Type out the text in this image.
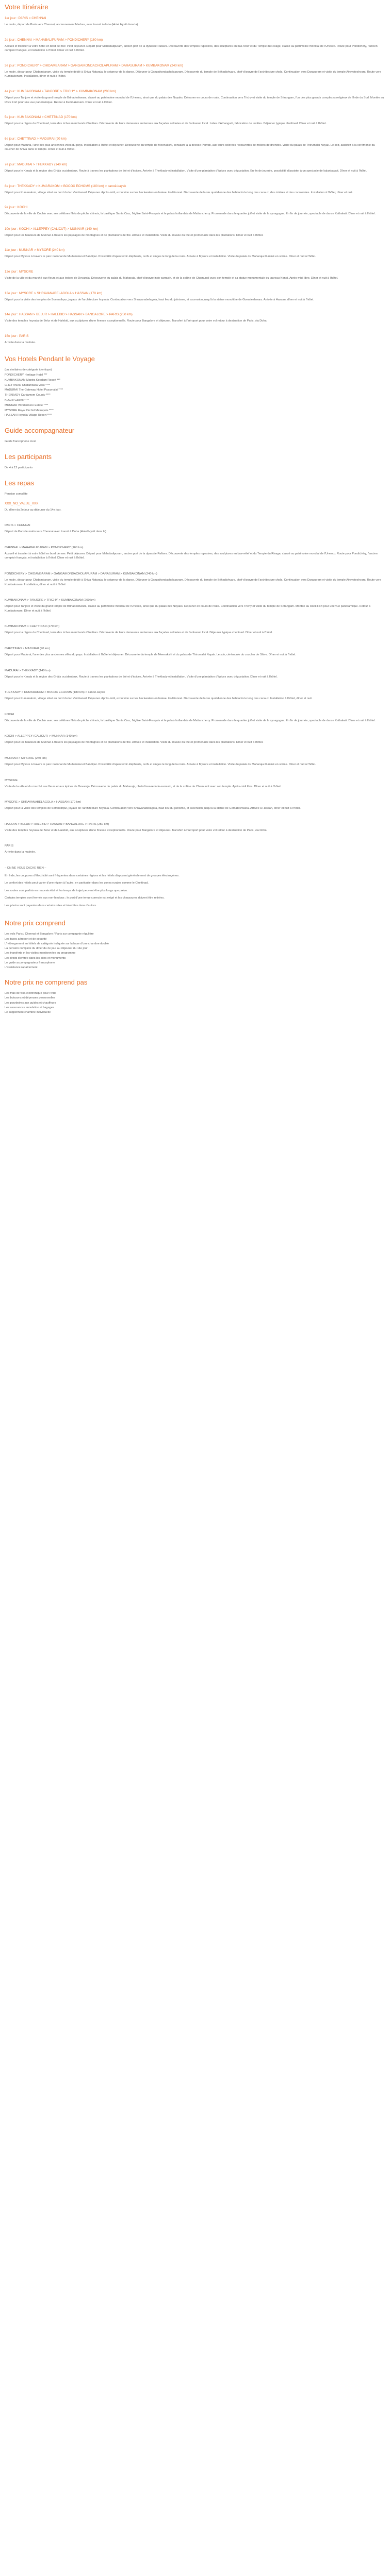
Votre Itinéraire
1er jour : PARIS > CHENNAI
Le matin, départ de Paris vers Chennai, anciennement Madras, avec transit à doha (Hotel Hyatt dans la)
2e jour : CHENNAI > MAHABALIPURAM > PONDICHERY (160 km)
Accueil et transfert à votre hôtel en bord de mer. Petit déjeuner. Départ pour Mahabalipuram, ancien port de la dynastie Pallava. Découverte des temples rupestres, des sculptures en bas-relief et du Temple du Rivage, classé au patrimoine mondial de l'Unesco. Route pour Pondichéry, l'ancien comptoir français, et installation à l'hôtel. Dîner et nuit à l'hôtel.
3e jour : PONDICHERY > CHIDAMBARAM > GANGAIKONDACHOLAPURAM > DARASURAM > KUMBAKONAM (240 km)
Le matin, départ pour Chidambaram, visite du temple dédié à Shiva Nataraja, le seigneur de la danse. Déjeuner à Gangaikondacholapuram. Découverte du temple de Brihadishvara, chef-d'œuvre de l'architecture chola. Continuation vers Darasuram et visite du temple Airavateshvara. Route vers Kumbakonam. Installation, dîner et nuit à l'hôtel.
4e jour : KUMBAKONAM > TANJORE > TRICHY > KUMBAKONAM (200 km)
Départ pour Tanjore et visite du grand temple de Brihadeshwara, classé au patrimoine mondial de l'Unesco, ainsi que du palais des Nayaks. Déjeuner en cours de route. Continuation vers Trichy et visite du temple de Srirangam, l'un des plus grands complexes religieux de l'Inde du Sud. Montée au Rock Fort pour une vue panoramique. Retour à Kumbakonam. Dîner et nuit à l'hôtel.
5e jour : KUMBAKONAM > CHETTINAD (170 km)
Départ pour la région du Chettinad, terre des riches marchands Chettiars. Découverte de leurs demeures anciennes aux façades colorées et de l'artisanat local : tuiles d'Athangudi, fabrication de textiles. Déjeuner typique chettinad. Dîner et nuit à l'hôtel.
6e jour : CHETTINAD > MADURAI (90 km)
Départ pour Madurai, l'une des plus anciennes villes du pays. Installation à l'hôtel et déjeuner. Découverte du temple de Meenakshi, consacré à la déesse Parvati, aux tours colorées recouvertes de milliers de divinités. Visite du palais de Thirumalai Nayak. Le soir, assistez à la cérémonie du coucher de Shiva dans le temple. Dîner et nuit à l'hôtel.
7e jour : MADURAI > THEKKADY (140 km)
Départ pour le Kerala et la région des Ghâts occidentaux. Route à travers les plantations de thé et d'épices. Arrivée à Thekkady et installation. Visite d'une plantation d'épices avec dégustation. En fin de journée, possibilité d'assister à un spectacle de kalaripayatt. Dîner et nuit à l'hôtel.
8e jour : THEKKADY > KUMARAKOM > BOCOX ECHOMS (180 km) > canoë-kayak
Départ pour Kumarakom, village situé au bord du lac Vembanad. Déjeuner. Après-midi, excursion sur les backwaters en bateau traditionnel. Découverte de la vie quotidienne des habitants le long des canaux, des rizières et des cocoteraies. Installation à l'hôtel, dîner et nuit.
9e jour : KOCHI
Découverte de la ville de Cochin avec ses célèbres filets de pêche chinois, la basilique Santa Cruz, l'église Saint-François et le palais hollandais de Mattancherry. Promenade dans le quartier juif et visite de la synagogue. En fin de journée, spectacle de danse Kathakali. Dîner et nuit à l'hôtel.
10e jour : KOCHI > ALLEPPEY (CALICUT) > MUNNAR (140 km)
Départ pour les hauteurs de Munnar à travers les paysages de montagnes et de plantations de thé. Arrivée et installation. Visite du musée du thé et promenade dans les plantations. Dîner et nuit à l'hôtel.
11e jour : MUNNAR > MYSORE (240 km)
Départ pour Mysore à travers le parc national de Mudumalai et Bandipur. Possibilité d'apercevoir éléphants, cerfs et singes le long de la route. Arrivée à Mysore et installation. Visite du palais du Maharaja illuminé en soirée. Dîner et nuit à l'hôtel.
12e jour : MYSORE
Visite de la ville et du marché aux fleurs et aux épices de Devaraja. Découverte du palais du Maharaja, chef-d'œuvre indo-sarrasin, et de la colline de Chamundi avec son temple et sa statue monumentale du taureau Nandi. Après-midi libre. Dîner et nuit à l'hôtel.
13e jour : MYSORE > SHRAVANABELAGOLA > HASSAN (170 km)
Départ pour la visite des temples de Somnathpur, joyaux de l'architecture hoysala. Continuation vers Shravanabelagola, haut lieu du jaïnisme, et ascension jusqu'à la statue monolithe de Gomateshwara. Arrivée à Hassan, dîner et nuit à l'hôtel.
14e jour : HASSAN > BELUR > HALEBID > HASSAN > BANGALORE > PARIS (250 km)
Visite des temples hoysala de Belur et de Halebid, aux sculptures d'une finesse exceptionnelle. Route pour Bangalore et déjeuner. Transfert à l'aéroport pour votre vol retour à destination de Paris, via Doha.
15e jour : PARIS
Arrivée dans la matinée.
Vos Hotels Pendant le Voyage
(ou similaires de catégorie identique)
PONDICHERY Heritage Hotel ***
KUMBAKONAM Mantra Koodam Resort ***
CHETTINAD Chidambara Vilas ****
MADURAI The Gateway Hotel Pasumalai ****
THEKKADY Cardamom County ****
KOCHI Casino ****
MUNNAR Windermere Estate ****
MYSORE Royal Orchid Metropole ****
HASSAN Hoysala Village Resort ****
Guide accompagnateur
Guide francophone local
Les participants
De 4 à 12 participants
Les repas
Pension complète
XXX_NO_VALUE_XXX
Du dîner du 2e jour au déjeuner du 14e jour.
PARIS > CHENNAI
Départ de Paris le matin vers Chennai avec transit à Doha (Hotel Hyatt dans la)
CHENNAI > MAHABALIPURAM > PONDICHERY (160 km)
Accueil et transfert à votre hôtel en bord de mer. Petit déjeuner. Départ pour Mahabalipuram, ancien port de la dynastie Pallava. Découverte des temples rupestres, des sculptures en bas-relief et du Temple du Rivage, classé au patrimoine mondial de l'Unesco. Route pour Pondichéry, l'ancien comptoir français, et installation à l'hôtel. Dîner et nuit à l'hôtel.
PONDICHERY > CHIDAMBARAM > GANGAIKONDACHOLAPURAM > DARASURAM > KUMBAKONAM (240 km)
Le matin, départ pour Chidambaram, visite du temple dédié à Shiva Nataraja, le seigneur de la danse. Déjeuner à Gangaikondacholapuram. Découverte du temple de Brihadishvara, chef-d'œuvre de l'architecture chola. Continuation vers Darasuram et visite du temple Airavateshvara. Route vers Kumbakonam. Installation, dîner et nuit à l'hôtel.
KUMBAKONAM > TANJORE > TRICHY > KUMBAKONAM (200 km)
Départ pour Tanjore et visite du grand temple de Brihadeshwara, classé au patrimoine mondial de l'Unesco, ainsi que du palais des Nayaks. Déjeuner en cours de route. Continuation vers Trichy et visite du temple de Srirangam. Montée au Rock Fort pour une vue panoramique. Retour à Kumbakonam. Dîner et nuit à l'hôtel.
KUMBAKONAM > CHETTINAD (170 km)
Départ pour la région du Chettinad, terre des riches marchands Chettiars. Découverte de leurs demeures anciennes aux façades colorées et de l'artisanat local. Déjeuner typique chettinad. Dîner et nuit à l'hôtel.
CHETTINAD > MADURAI (90 km)
Départ pour Madurai, l'une des plus anciennes villes du pays. Installation à l'hôtel et déjeuner. Découverte du temple de Meenakshi et du palais de Thirumalai Nayak. Le soir, cérémonie du coucher de Shiva. Dîner et nuit à l'hôtel.
MADURAI > THEKKADY (140 km)
Départ pour le Kerala et la région des Ghâts occidentaux. Route à travers les plantations de thé et d'épices. Arrivée à Thekkady et installation. Visite d'une plantation d'épices avec dégustation. Dîner et nuit à l'hôtel.
THEKKADY > KUMARAKOM > BOCOX ECHOMS (180 km) > canoë-kayak
Départ pour Kumarakom, village situé au bord du lac Vembanad. Déjeuner. Après-midi, excursion sur les backwaters en bateau traditionnel. Découverte de la vie quotidienne des habitants le long des canaux. Installation à l'hôtel, dîner et nuit.
KOCHI
Découverte de la ville de Cochin avec ses célèbres filets de pêche chinois, la basilique Santa Cruz, l'église Saint-François et le palais hollandais de Mattancherry. Promenade dans le quartier juif et visite de la synagogue. En fin de journée, spectacle de danse Kathakali. Dîner et nuit à l'hôtel.
KOCHI > ALLEPPEY (CALICUT) > MUNNAR (140 km)
Départ pour les hauteurs de Munnar à travers les paysages de montagnes et de plantations de thé. Arrivée et installation. Visite du musée du thé et promenade dans les plantations. Dîner et nuit à l'hôtel.
MUNNAR > MYSORE (240 km)
Départ pour Mysore à travers le parc national de Mudumalai et Bandipur. Possibilité d'apercevoir éléphants, cerfs et singes le long de la route. Arrivée à Mysore et installation. Visite du palais du Maharaja illuminé en soirée. Dîner et nuit à l'hôtel.
MYSORE
Visite de la ville et du marché aux fleurs et aux épices de Devaraja. Découverte du palais du Maharaja, chef-d'œuvre indo-sarrasin, et de la colline de Chamundi avec son temple. Après-midi libre. Dîner et nuit à l'hôtel.
MYSORE > SHRAVANABELAGOLA > HASSAN (170 km)
Départ pour la visite des temples de Somnathpur, joyaux de l'architecture hoysala. Continuation vers Shravanabelagola, haut lieu du jaïnisme, et ascension jusqu'à la statue de Gomateshwara. Arrivée à Hassan, dîner et nuit à l'hôtel.
HASSAN > BELUR > HALEBID > HASSAN > BANGALORE > PARIS (250 km)
Visite des temples hoysala de Belur et de Halebid, aux sculptures d'une finesse exceptionnelle. Route pour Bangalore et déjeuner. Transfert à l'aéroport pour votre vol retour à destination de Paris, via Doha.
PARIS
Arrivée dans la matinée.
– ON NE VOUS CACHE RIEN –
En Inde, les coupures d'électricité sont fréquentes dans certaines régions et les hôtels disposent généralement de groupes électrogènes.
Le confort des hôtels peut varier d'une région à l'autre, en particulier dans les zones rurales comme le Chettinad.
Les routes sont parfois en mauvais état et les temps de trajet peuvent être plus longs que prévu.
Certains temples sont fermés aux non-hindous ; le port d'une tenue correcte est exigé et les chaussures doivent être retirées.
Les photos sont payantes dans certains sites et interdites dans d'autres.
Notre prix comprend
Les vols Paris / Chennai et Bangalore / Paris sur compagnie régulière
Les taxes aéroport et de sécurité
L'hébergement en hôtels de catégorie indiquée sur la base d'une chambre double
La pension complète du dîner du 2e jour au déjeuner du 14e jour
Les transferts et les visites mentionnées au programme
Les droits d'entrée dans les sites et monuments
Le guide accompagnateur francophone
L'assistance rapatriement
Notre prix ne comprend pas
Les frais de visa électronique pour l'Inde
Les boissons et dépenses personnelles
Les pourboires aux guides et chauffeurs
Les assurances annulation et bagages
Le supplément chambre individuelle
